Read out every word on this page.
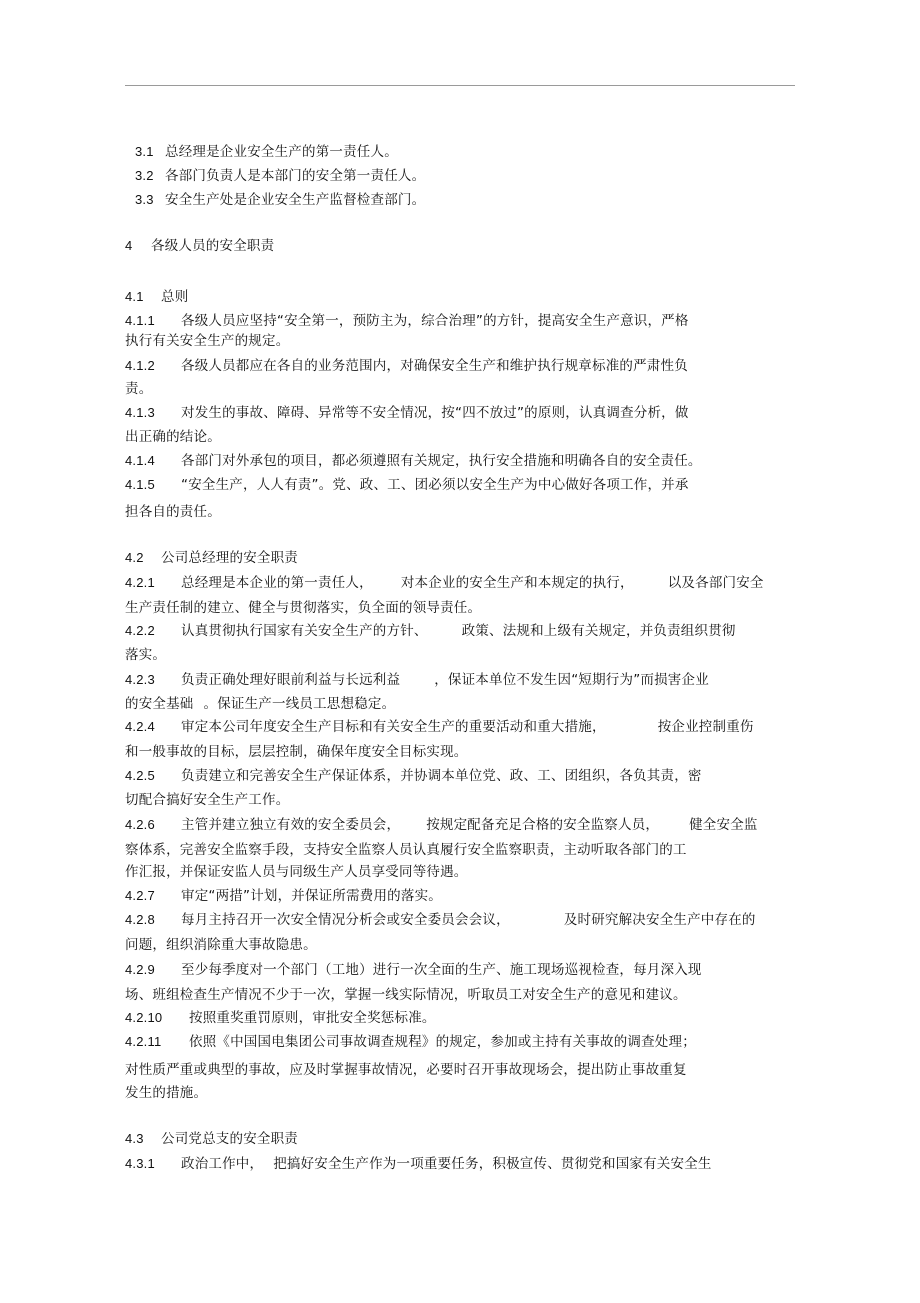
3.1 总经理是企业安全生产的第一责任人。
3.2 各部门负责人是本部门的安全第一责任人。
3.3 安全生产处是企业安全生产监督检查部门。
4 各级人员的安全职责
4.1 总则
4.1.1 各级人员应坚持“安全第一，预防主为，综合治理”的方针，提高安全生产意识，严格
执行有关安全生产的规定。
4.1.2 各级人员都应在各自的业务范围内，对确保安全生产和维护执行规章标准的严肃性负
责。
4.1.3 对发生的事故、障碍、异常等不安全情况，按“四不放过”的原则，认真调查分析，做
出正确的结论。
4.1.4 各部门对外承包的项目，都必须遵照有关规定，执行安全措施和明确各自的安全责任。
4.1.5 “安全生产，人人有责”。党、政、工、团必须以安全生产为中心做好各项工作，并承
担各自的责任。
4.2 公司总经理的安全职责
4.2.1 总经理是本企业的第一责任人， 对本企业的安全生产和本规定的执行，	以及各部门安全
生产责任制的建立、健全与贯彻落实，负全面的领导责任。
4.2.2 认真贯彻执行国家有关安全生产的方针、	政策、法规和上级有关规定，并负责组织贯彻
落实。
4.2.3 负责正确处理好眼前利益与长远利益	，保证本单位不发生因“短期行为”而损害企业
的安全基础 。保证生产一线员工思想稳定。
4.2.4 审定本公司年度安全生产目标和有关安全生产的重要活动和重大措施，	按企业控制重伤
和一般事故的目标，层层控制，确保年度安全目标实现。
4.2.5 负责建立和完善安全生产保证体系，并协调本单位党、政、工、团组织，各负其责，密
切配合搞好安全生产工作。
4.2.6 主管并建立独立有效的安全委员会， 按规定配备充足合格的安全监察人员， 健全安全监
察体系，完善安全监察手段，支持安全监察人员认真履行安全监察职责，主动听取各部门的工
作汇报，并保证安监人员与同级生产人员享受同等待遇。
4.2.7 审定“两措”计划，并保证所需费用的落实。
4.2.8 每月主持召开一次安全情况分析会或安全委员会会议，	及时研究解决安全生产中存在的
问题，组织消除重大事故隐患。
4.2.9 至少每季度对一个部门（工地）进行一次全面的生产、施工现场巡视检查，每月深入现
场、班组检查生产情况不少于一次，掌握一线实际情况，听取员工对安全生产的意见和建议。
4.2.10 按照重奖重罚原则，审批安全奖惩标准。
4.2.11 依照《中国国电集团公司事故调查规程》的规定，参加或主持有关事故的调查处理；
对性质严重或典型的事故，应及时掌握事故情况，必要时召开事故现场会，提出防止事故重复
发生的措施。
4.3 公司党总支的安全职责
4.3.1 政治工作中， 把搞好安全生产作为一项重要任务，积极宣传、贯彻党和国家有关安全生
